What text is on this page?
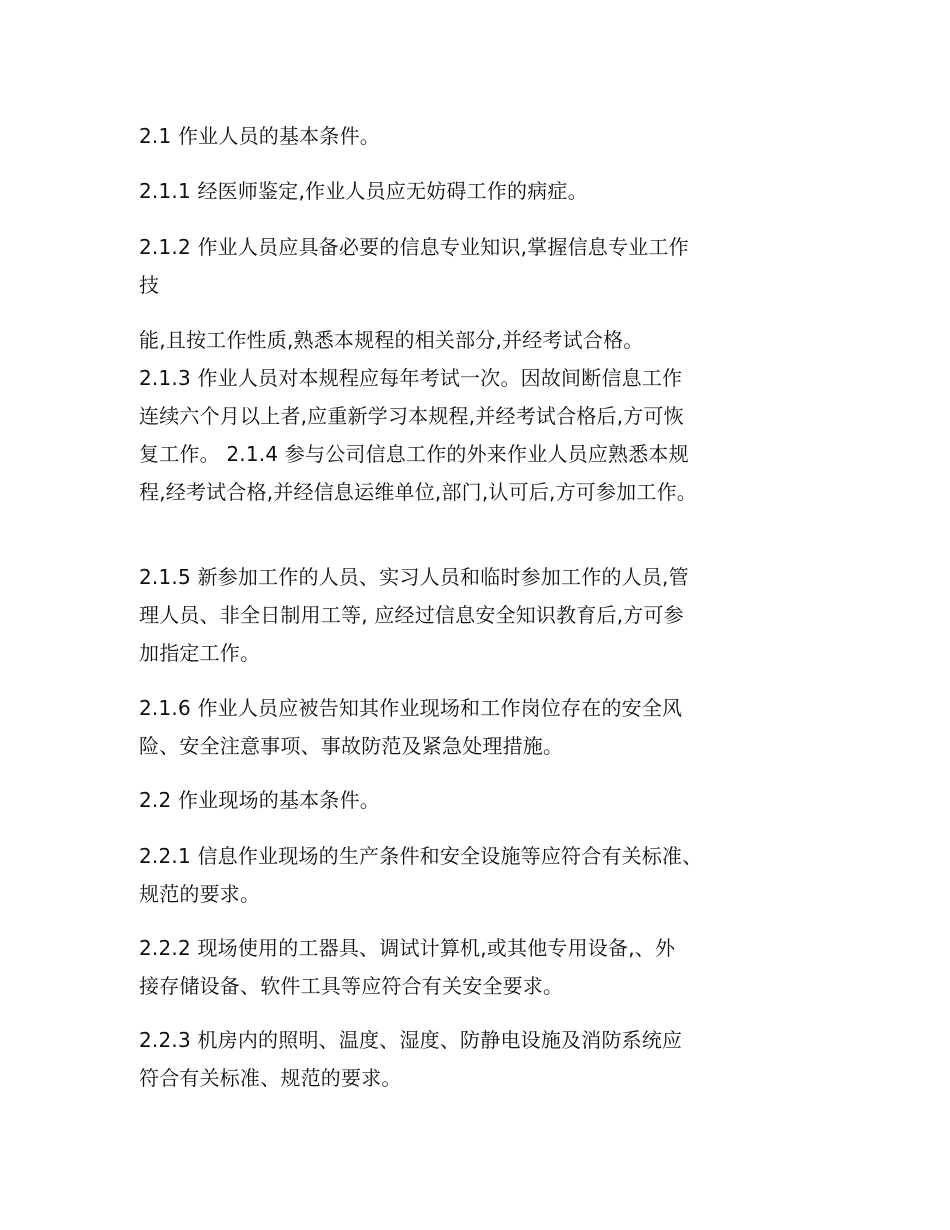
2.1 作业人员的基本条件。
2.1.1 经医师鉴定,作业人员应无妨碍工作的病症。
2.1.2 作业人员应具备必要的信息专业知识,掌握信息专业工作
技
能,且按工作性质,熟悉本规程的相关部分,并经考试合格。
2.1.3 作业人员对本规程应每年考试一次。因故间断信息工作
连续六个月以上者,应重新学习本规程,并经考试合格后,方可恢
复工作。 2.1.4 参与公司信息工作的外来作业人员应熟悉本规
程,经考试合格,并经信息运维单位,部门,认可后,方可参加工作。
2.1.5 新参加工作的人员、实习人员和临时参加工作的人员,管
理人员、非全日制用工等, 应经过信息安全知识教育后,方可参
加指定工作。
2.1.6 作业人员应被告知其作业现场和工作岗位存在的安全风
险、安全注意事项、事故防范及紧急处理措施。
2.2 作业现场的基本条件。
2.2.1 信息作业现场的生产条件和安全设施等应符合有关标准、
规范的要求。
2.2.2 现场使用的工器具、调试计算机,或其他专用设备,、外
接存储设备、软件工具等应符合有关安全要求。
2.2.3 机房内的照明、温度、湿度、防静电设施及消防系统应
符合有关标准、规范的要求。
